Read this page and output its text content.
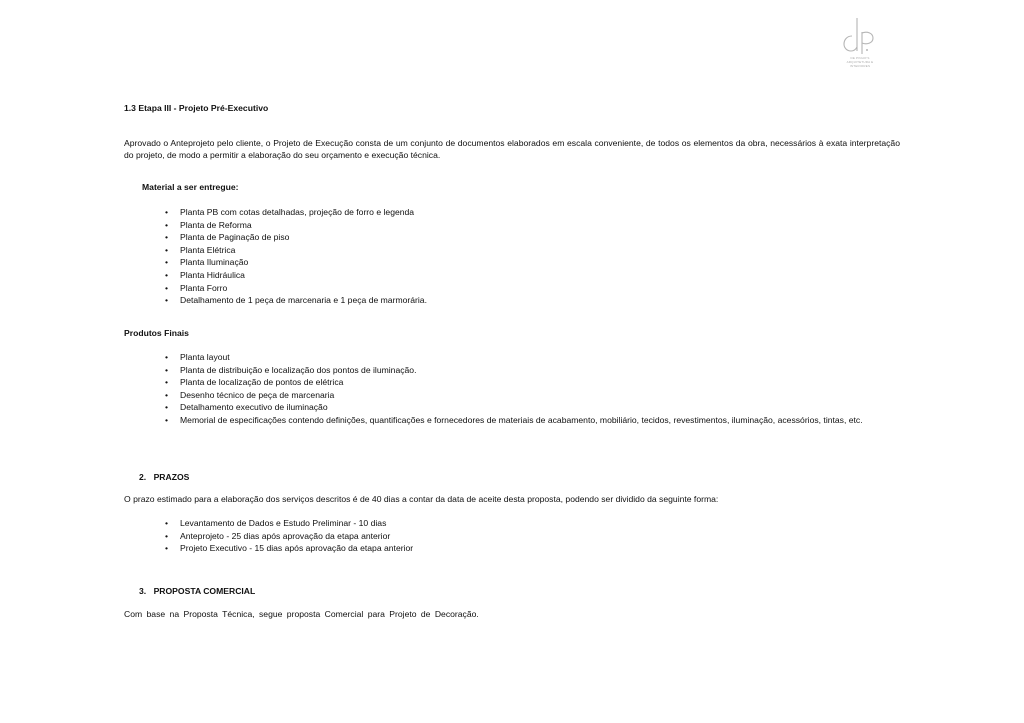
DE PINHO'S
ARQUITETURA E INTERIORES
1.3 Etapa III - Projeto Pré-Executivo

Aprovado o Anteprojeto pelo cliente, o Projeto de Execução consta de um conjunto de documentos elaborados em escala conveniente, de todos os elementos da obra, necessários à exata interpretação do projeto, de modo a permitir a elaboração do seu orçamento e execução técnica.

Material a ser entregue:
• Planta PB com cotas detalhadas, projeção de forro e legenda
• Planta de Reforma
• Planta de Paginação de piso
• Planta Elétrica
• Planta Iluminação
• Planta Hidráulica
• Planta Forro
• Detalhamento de 1 peça de marcenaria e 1 peça de marmorária.
Produtos Finais
• Planta layout
• Planta de distribuição e localização dos pontos de iluminação.
• Planta de localização de pontos de elétrica
• Desenho técnico de peça de marcenaria
• Detalhamento executivo de iluminação
• Memorial de especificações contendo definições, quantificações e fornecedores de materiais de acabamento, mobiliário, tecidos, revestimentos, iluminação, acessórios, tintas, etc.
2. PRAZOS

O prazo estimado para a elaboração dos serviços descritos é de 40 dias a contar da data de aceite desta proposta, podendo ser dividido da seguinte forma:

• Levantamento de Dados e Estudo Preliminar - 10 dias
• Anteprojeto - 25 dias após aprovação da etapa anterior
• Projeto Executivo - 15 dias após aprovação da etapa anterior
3. PROPOSTA COMERCIAL

Com base na Proposta Técnica, segue proposta Comercial para Projeto de Decoração.
